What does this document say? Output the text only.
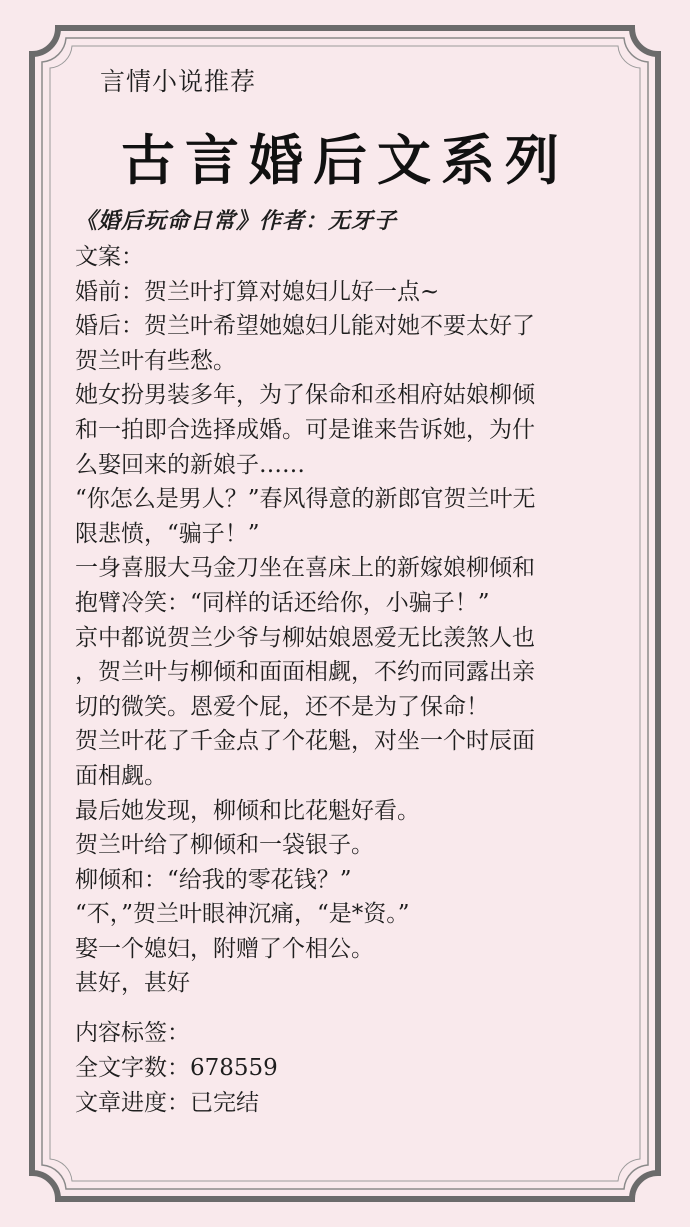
言情小说推荐
古言婚后文系列
《婚后玩命日常》作者：无牙子
文案：
婚前：贺兰叶打算对媳妇儿好一点~
婚后：贺兰叶希望她媳妇儿能对她不要太好了
贺兰叶有些愁。
她女扮男装多年，为了保命和丞相府姑娘柳倾
和一拍即合选择成婚。可是谁来告诉她，为什
么娶回来的新娘子……
“你怎么是男人？”春风得意的新郎官贺兰叶无
限悲愤，“骗子！”
一身喜服大马金刀坐在喜床上的新嫁娘柳倾和
抱臂冷笑：“同样的话还给你，小骗子！”
京中都说贺兰少爷与柳姑娘恩爱无比羡煞人也
，贺兰叶与柳倾和面面相觑，不约而同露出亲
切的微笑。恩爱个屁，还不是为了保命！
贺兰叶花了千金点了个花魁，对坐一个时辰面
面相觑。
最后她发现，柳倾和比花魁好看。
贺兰叶给了柳倾和一袋银子。
柳倾和：“给我的零花钱？”
“不，”贺兰叶眼神沉痛，“是*资。”
娶一个媳妇，附赠了个相公。
甚好，甚好
内容标签：
全文字数：678559
文章进度：已完结
